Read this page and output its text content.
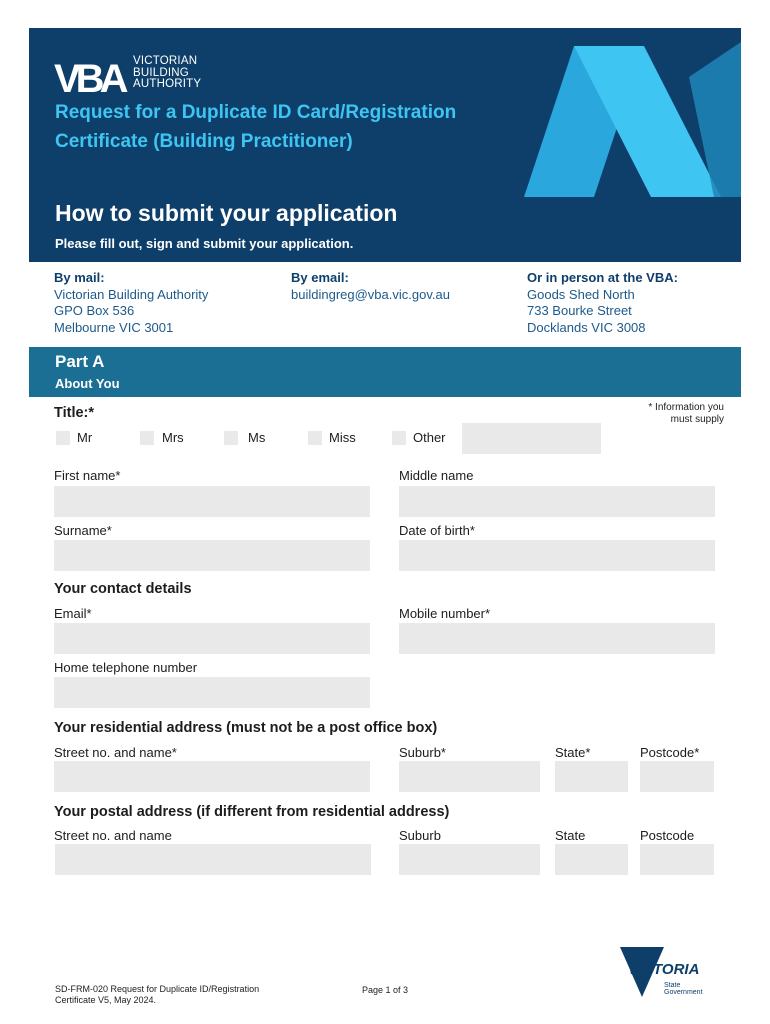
VBA VICTORIAN
BUILDING
AUTHORITY
Request for a Duplicate ID Card/Registration
Certificate (Building Practitioner)
How to submit your application
Please fill out, sign and submit your application.
By mail:
Victorian Building Authority
GPO Box 536
Melbourne VIC 3001
By email:
buildingreg@vba.vic.gov.au
Or in person at the VBA:
Goods Shed North
733 Bourke Street
Docklands VIC 3008
Part A
About You
* Information you
must supply
Title:*
Mr	Mrs	Ms	Miss	Other
First name*	Middle name
Surname*	Date of birth*
Your contact details
Email*	Mobile number*
Home telephone number
Your residential address (must not be a post office box)
Street no. and name*	Suburb*	State*	Postcode*
Your postal address (if different from residential address)
Street no. and name	Suburb	State	Postcode
SD-FRM-020 Request for Duplicate ID/Registration
Certificate V5, May 2024.
Page 1 of 3
VICTORIA
State
Government
